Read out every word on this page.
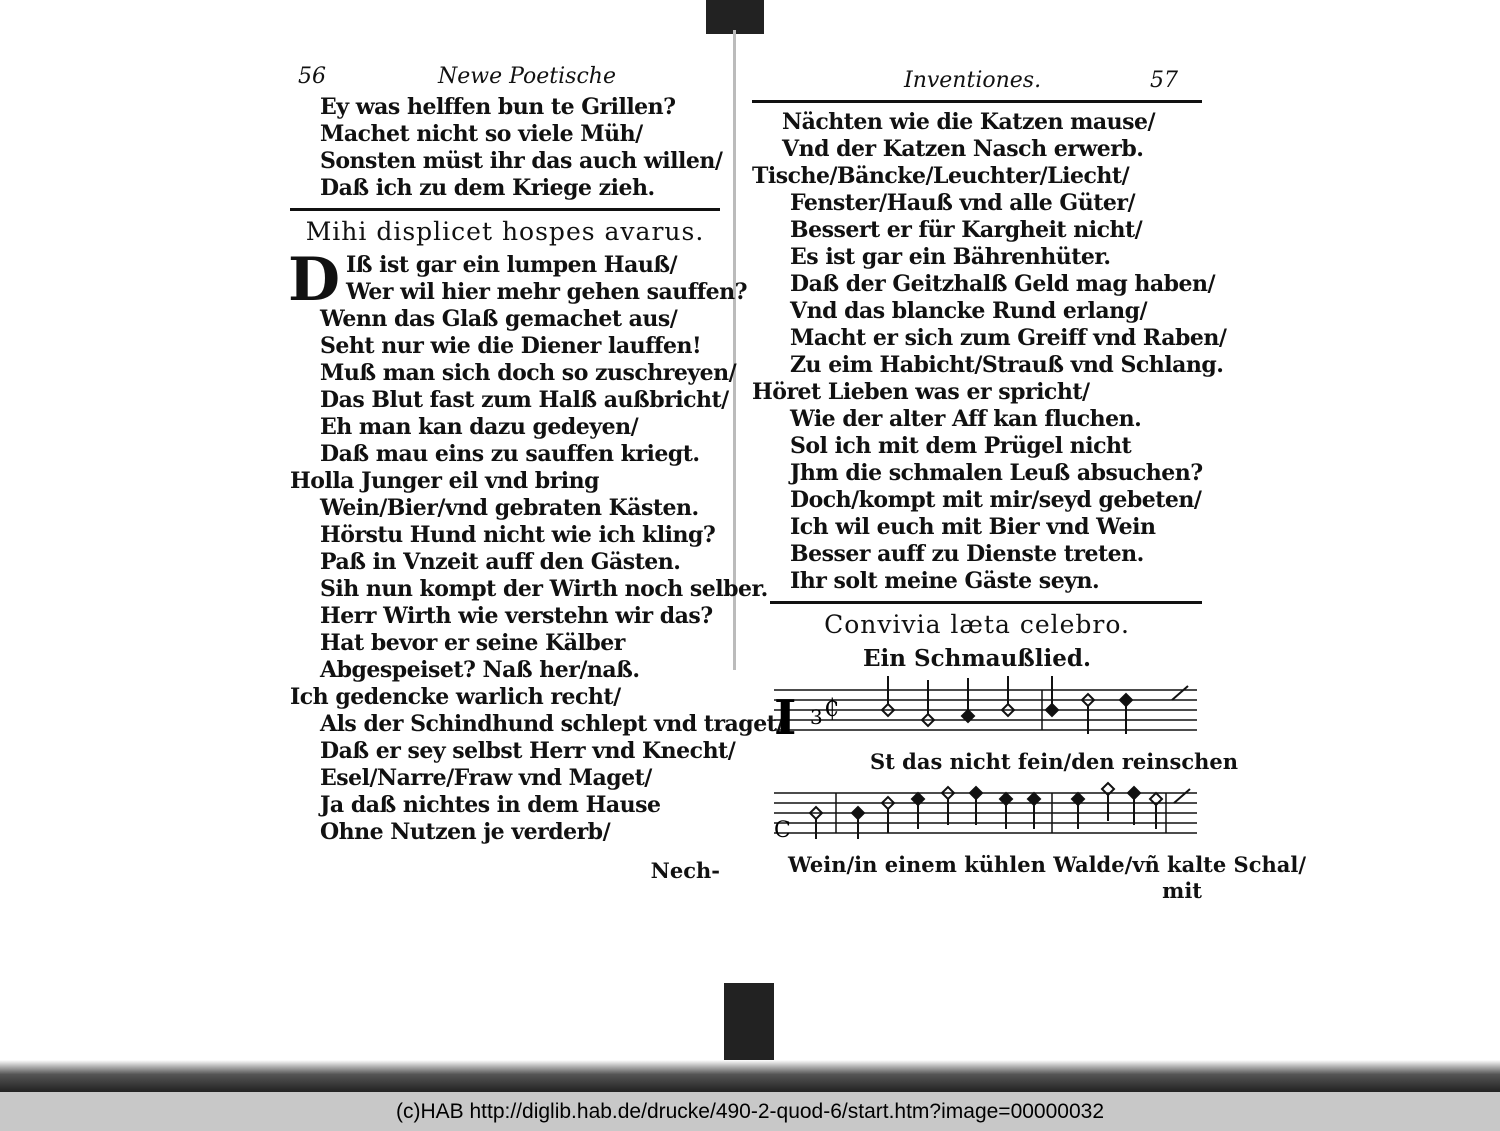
56	Newe Poetische
Ey was helffen bun te Grillen?
Machet nicht so viele Müh/
Sonsten müst ihr das auch willen/
Daß ich zu dem Kriege zieh.
Mihi displicet hospes avarus.
D Iß ist gar ein lumpen Hauß/
Wer wil hier mehr gehen sauffen?
Wenn das Glaß gemachet aus/
Seht nur wie die Diener lauffen!
Muß man sich doch so zuschreyen/
Das Blut fast zum Halß außbricht/
Eh man kan dazu gedeyen/
Daß mau eins zu sauffen kriegt.
Holla Junger eil vnd bring
Wein/Bier/vnd gebraten Kästen.
Hörstu Hund nicht wie ich kling?
Paß in Vnzeit auff den Gästen.
Sih nun kompt der Wirth noch selber.
Herr Wirth wie verstehn wir das?
Hat bevor er seine Kälber
Abgespeiset? Naß her/naß.
Ich gedencke warlich recht/
Als der Schindhund schlept vnd traget/
Daß er sey selbst Herr vnd Knecht/
Esel/Narre/Fraw vnd Maget/
Ja daß nichtes in dem Hause
Ohne Nutzen je verderb/
Nech-
Inventiones.	57
Nächten wie die Katzen mause/
Vnd der Katzen Nasch erwerb.
Tische/Bäncke/Leuchter/Liecht/
Fenster/Hauß vnd alle Güter/
Bessert er für Kargheit nicht/
Es ist gar ein Bährenhüter.
Daß der Geitzhalß Geld mag haben/
Vnd das blancke Rund erlang/
Macht er sich zum Greiff vnd Raben/
Zu eim Habicht/Strauß vnd Schlang.
Höret Lieben was er spricht/
Wie der alter Aff kan fluchen.
Sol ich mit dem Prügel nicht
Jhm die schmalen Leuß absuchen?
Doch/kompt mit mir/seyd gebeten/
Ich wil euch mit Bier vnd Wein
Besser auff zu Dienste treten.
Ihr solt meine Gäste seyn.
Convivia læta celebro.
Ein Schmaußlied.
I 3 ₵
St das nicht fein/den reinschen
C
Wein/in einem kühlen Walde/vñ kalte Schal/
mit
(c)HAB http://diglib.hab.de/drucke/490-2-quod-6/start.htm?image=00000032
